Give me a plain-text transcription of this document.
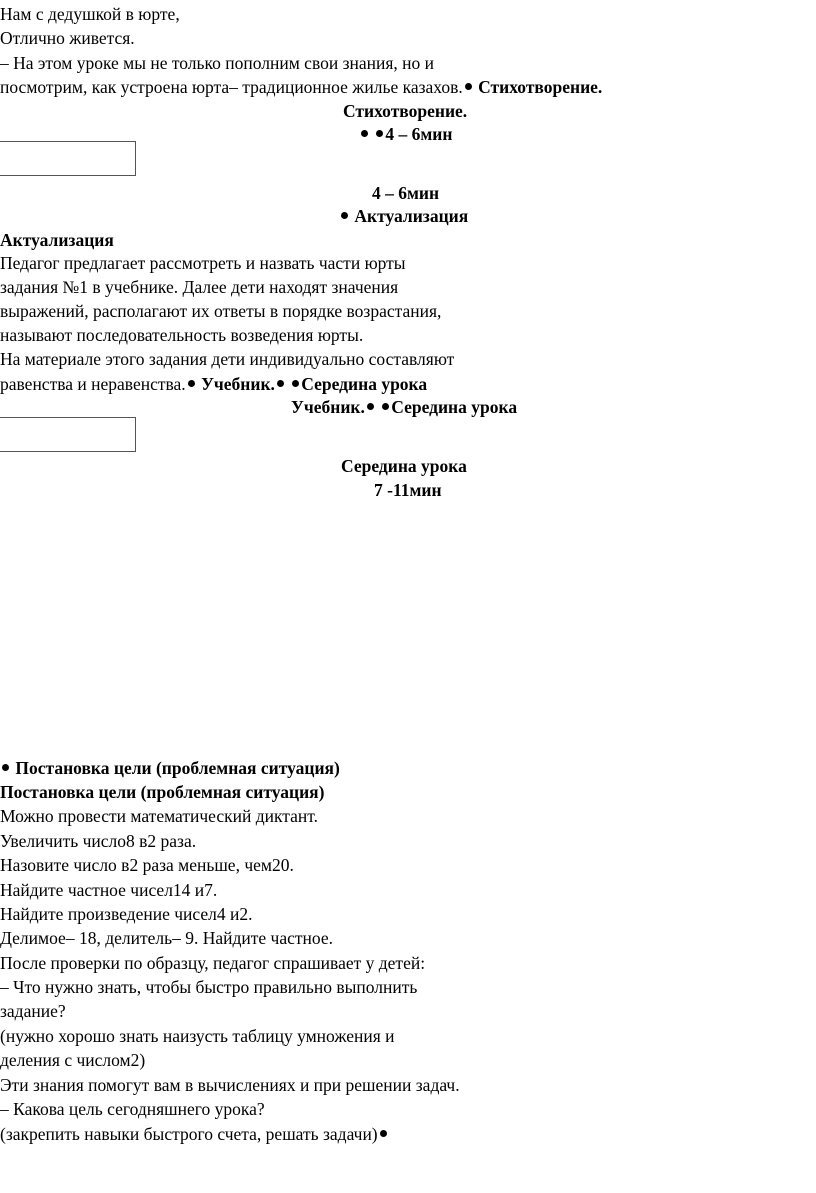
Нам с дедушкой в юрте,
Отлично живется.
– На этом уроке мы не только пополним свои знания, но и
посмотрим, как устроена юрта– традиционное жилье казахов. Стихотворение.
Стихотворение.
4 – 6мин
4 – 6мин
Актуализация
Актуализация
Педагог предлагает рассмотреть и назвать части юрты
задания №1 в учебнике. Далее дети находят значения
выражений, располагают их ответы в порядке возрастания,
называют последовательность возведения юрты.
На материале этого задания дети индивидуально составляют
равенства и неравенства. Учебник. Середина урока
Учебник. Середина урока
Середина урока
7 -11мин
Постановка цели (проблемная ситуация)
Постановка цели (проблемная ситуация)
Можно провести математический диктант.
Увеличить число8 в2 раза.
Назовите число в2 раза меньше, чем20.
Найдите частное чисел14 и7.
Найдите произведение чисел4 и2.
Делимое– 18, делитель– 9. Найдите частное.
После проверки по образцу, педагог спрашивает у детей:
– Что нужно знать, чтобы быстро правильно выполнить
задание?
(нужно хорошо знать наизусть таблицу умножения и
деления с числом2)
Эти знания помогут вам в вычислениях и при решении задач.
– Какова цель сегодняшнего урока?
(закрепить навыки быстрого счета, решать задачи)
